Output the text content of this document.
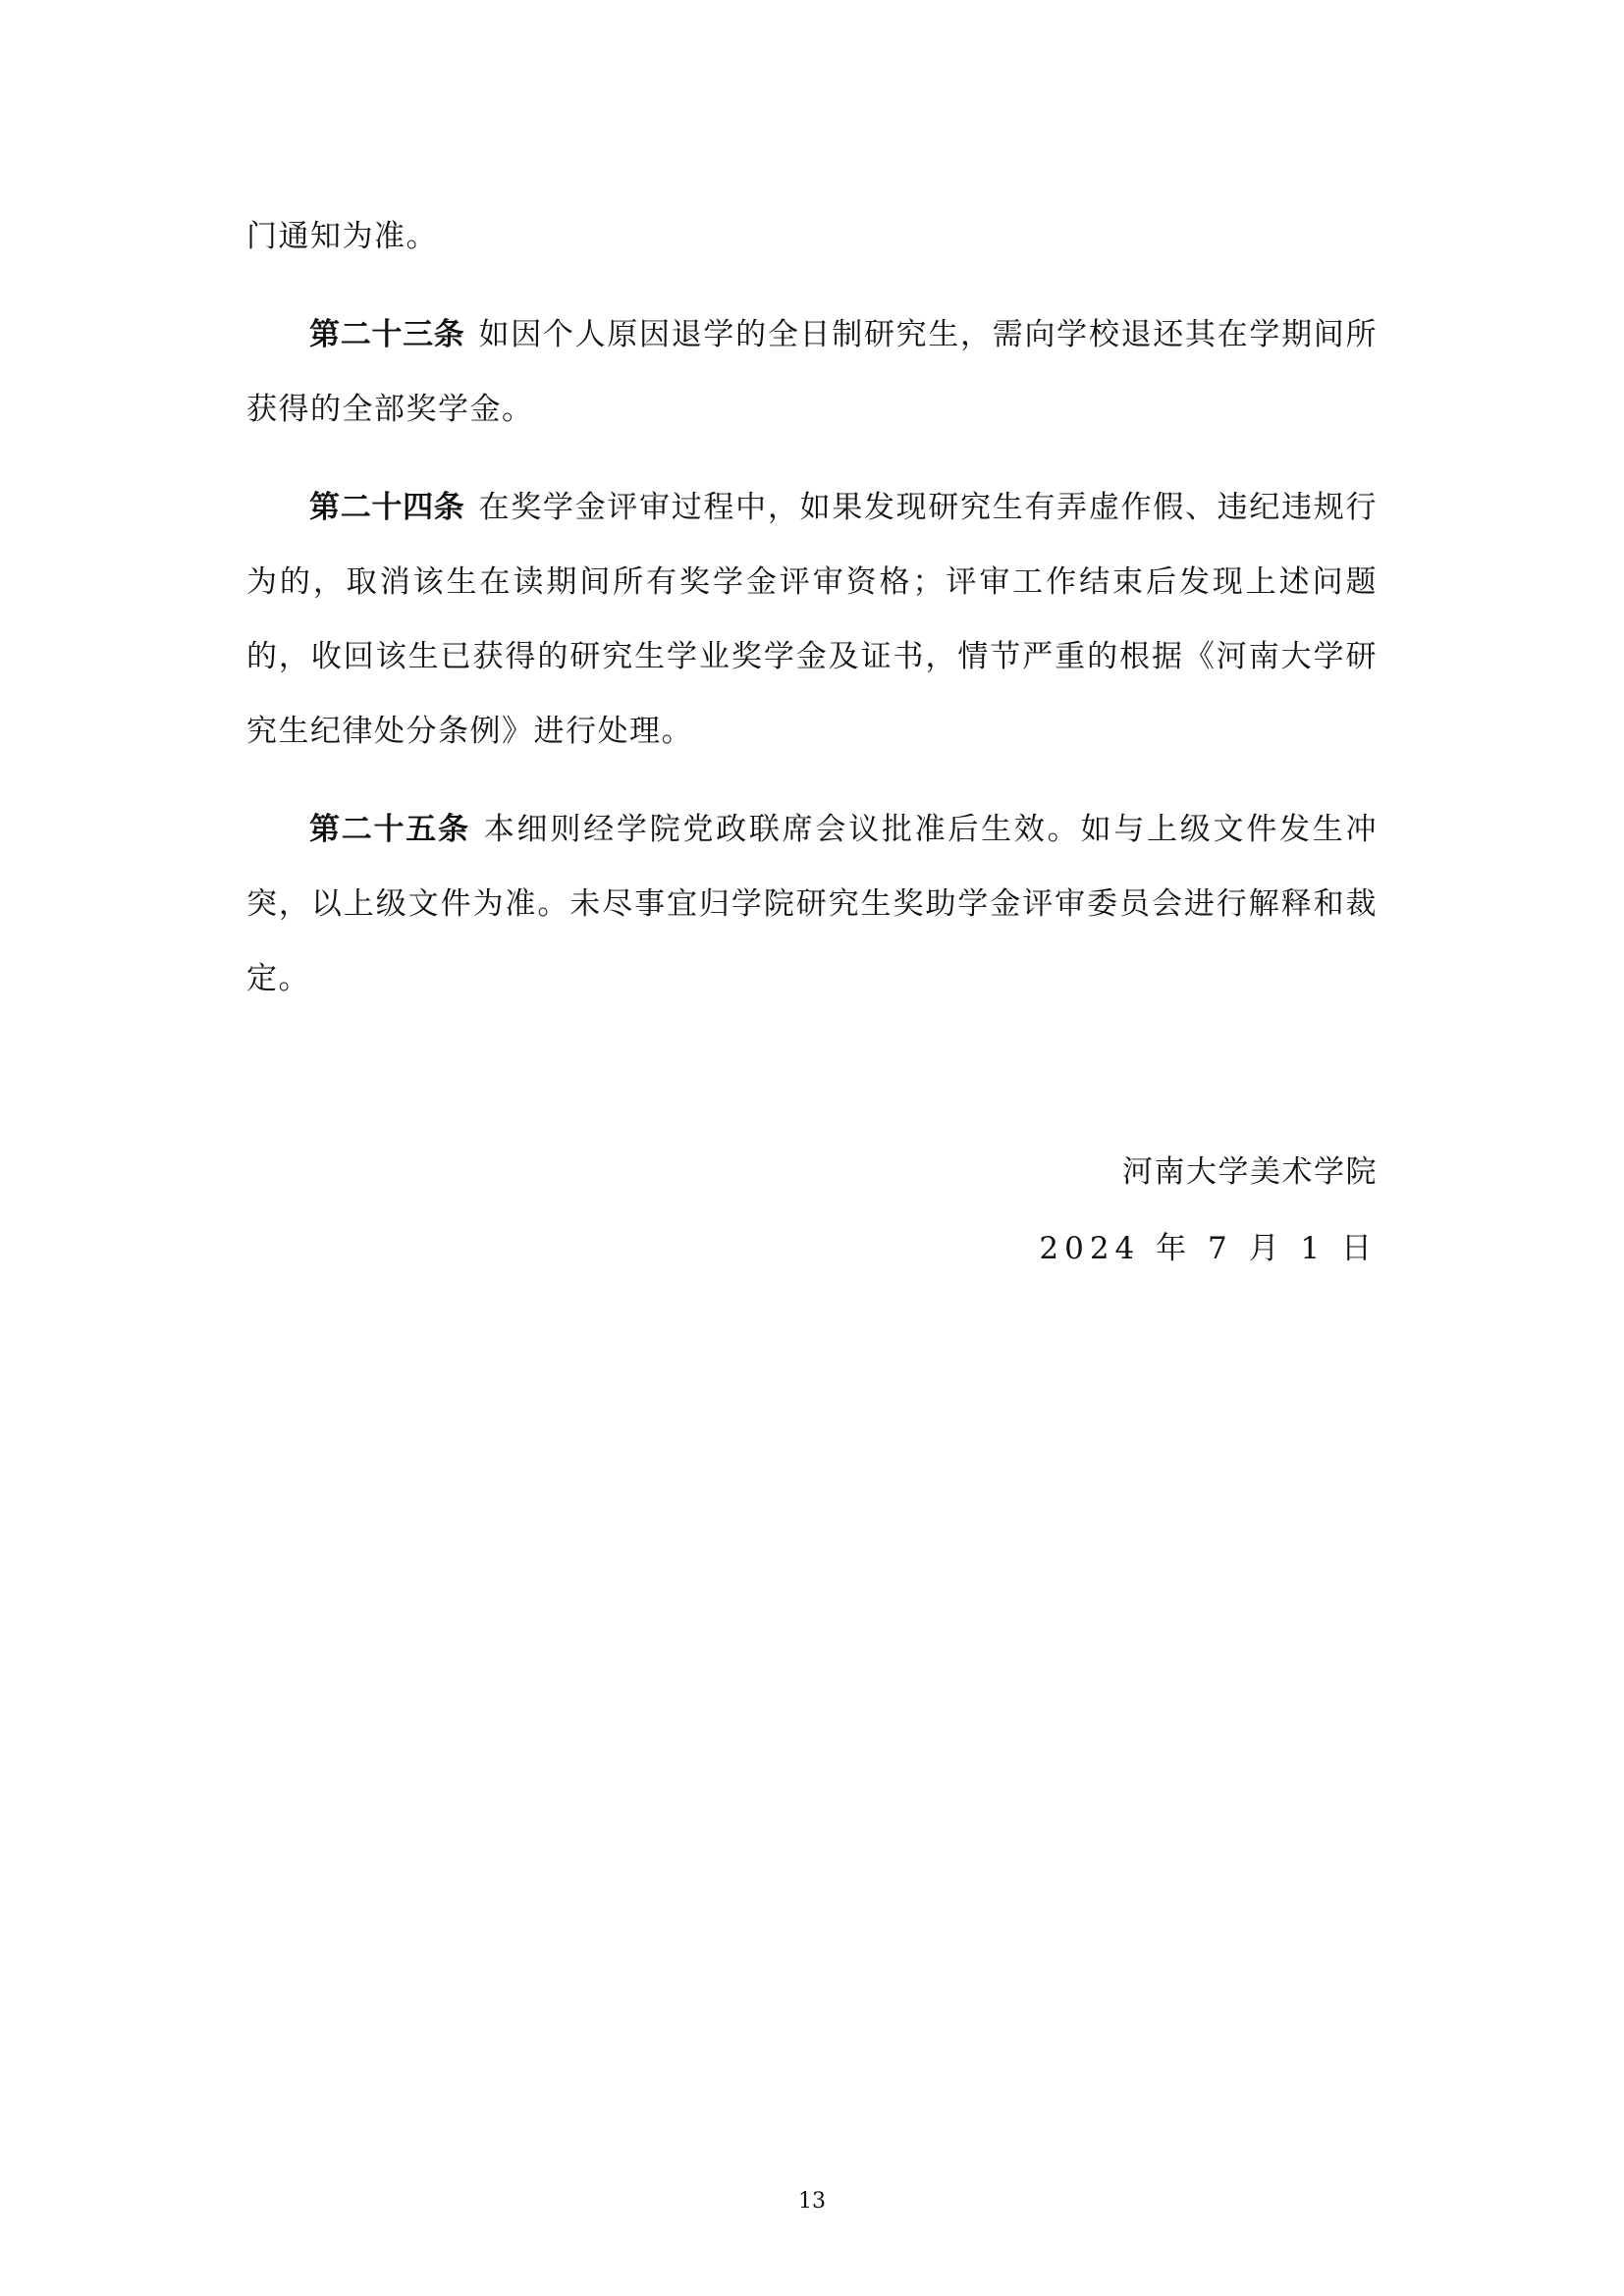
门通知为准。

第二十三条 如因个人原因退学的全日制研究生，需向学校退还其在学期间所获得的全部奖学金。

第二十四条 在奖学金评审过程中，如果发现研究生有弄虚作假、违纪违规行为的，取消该生在读期间所有奖学金评审资格；评审工作结束后发现上述问题的，收回该生已获得的研究生学业奖学金及证书，情节严重的根据《河南大学研究生纪律处分条例》进行处理。

第二十五条 本细则经学院党政联席会议批准后生效。如与上级文件发生冲突，以上级文件为准。未尽事宜归学院研究生奖助学金评审委员会进行解释和裁定。

河南大学美术学院
2024 年 7 月 1 日
13
